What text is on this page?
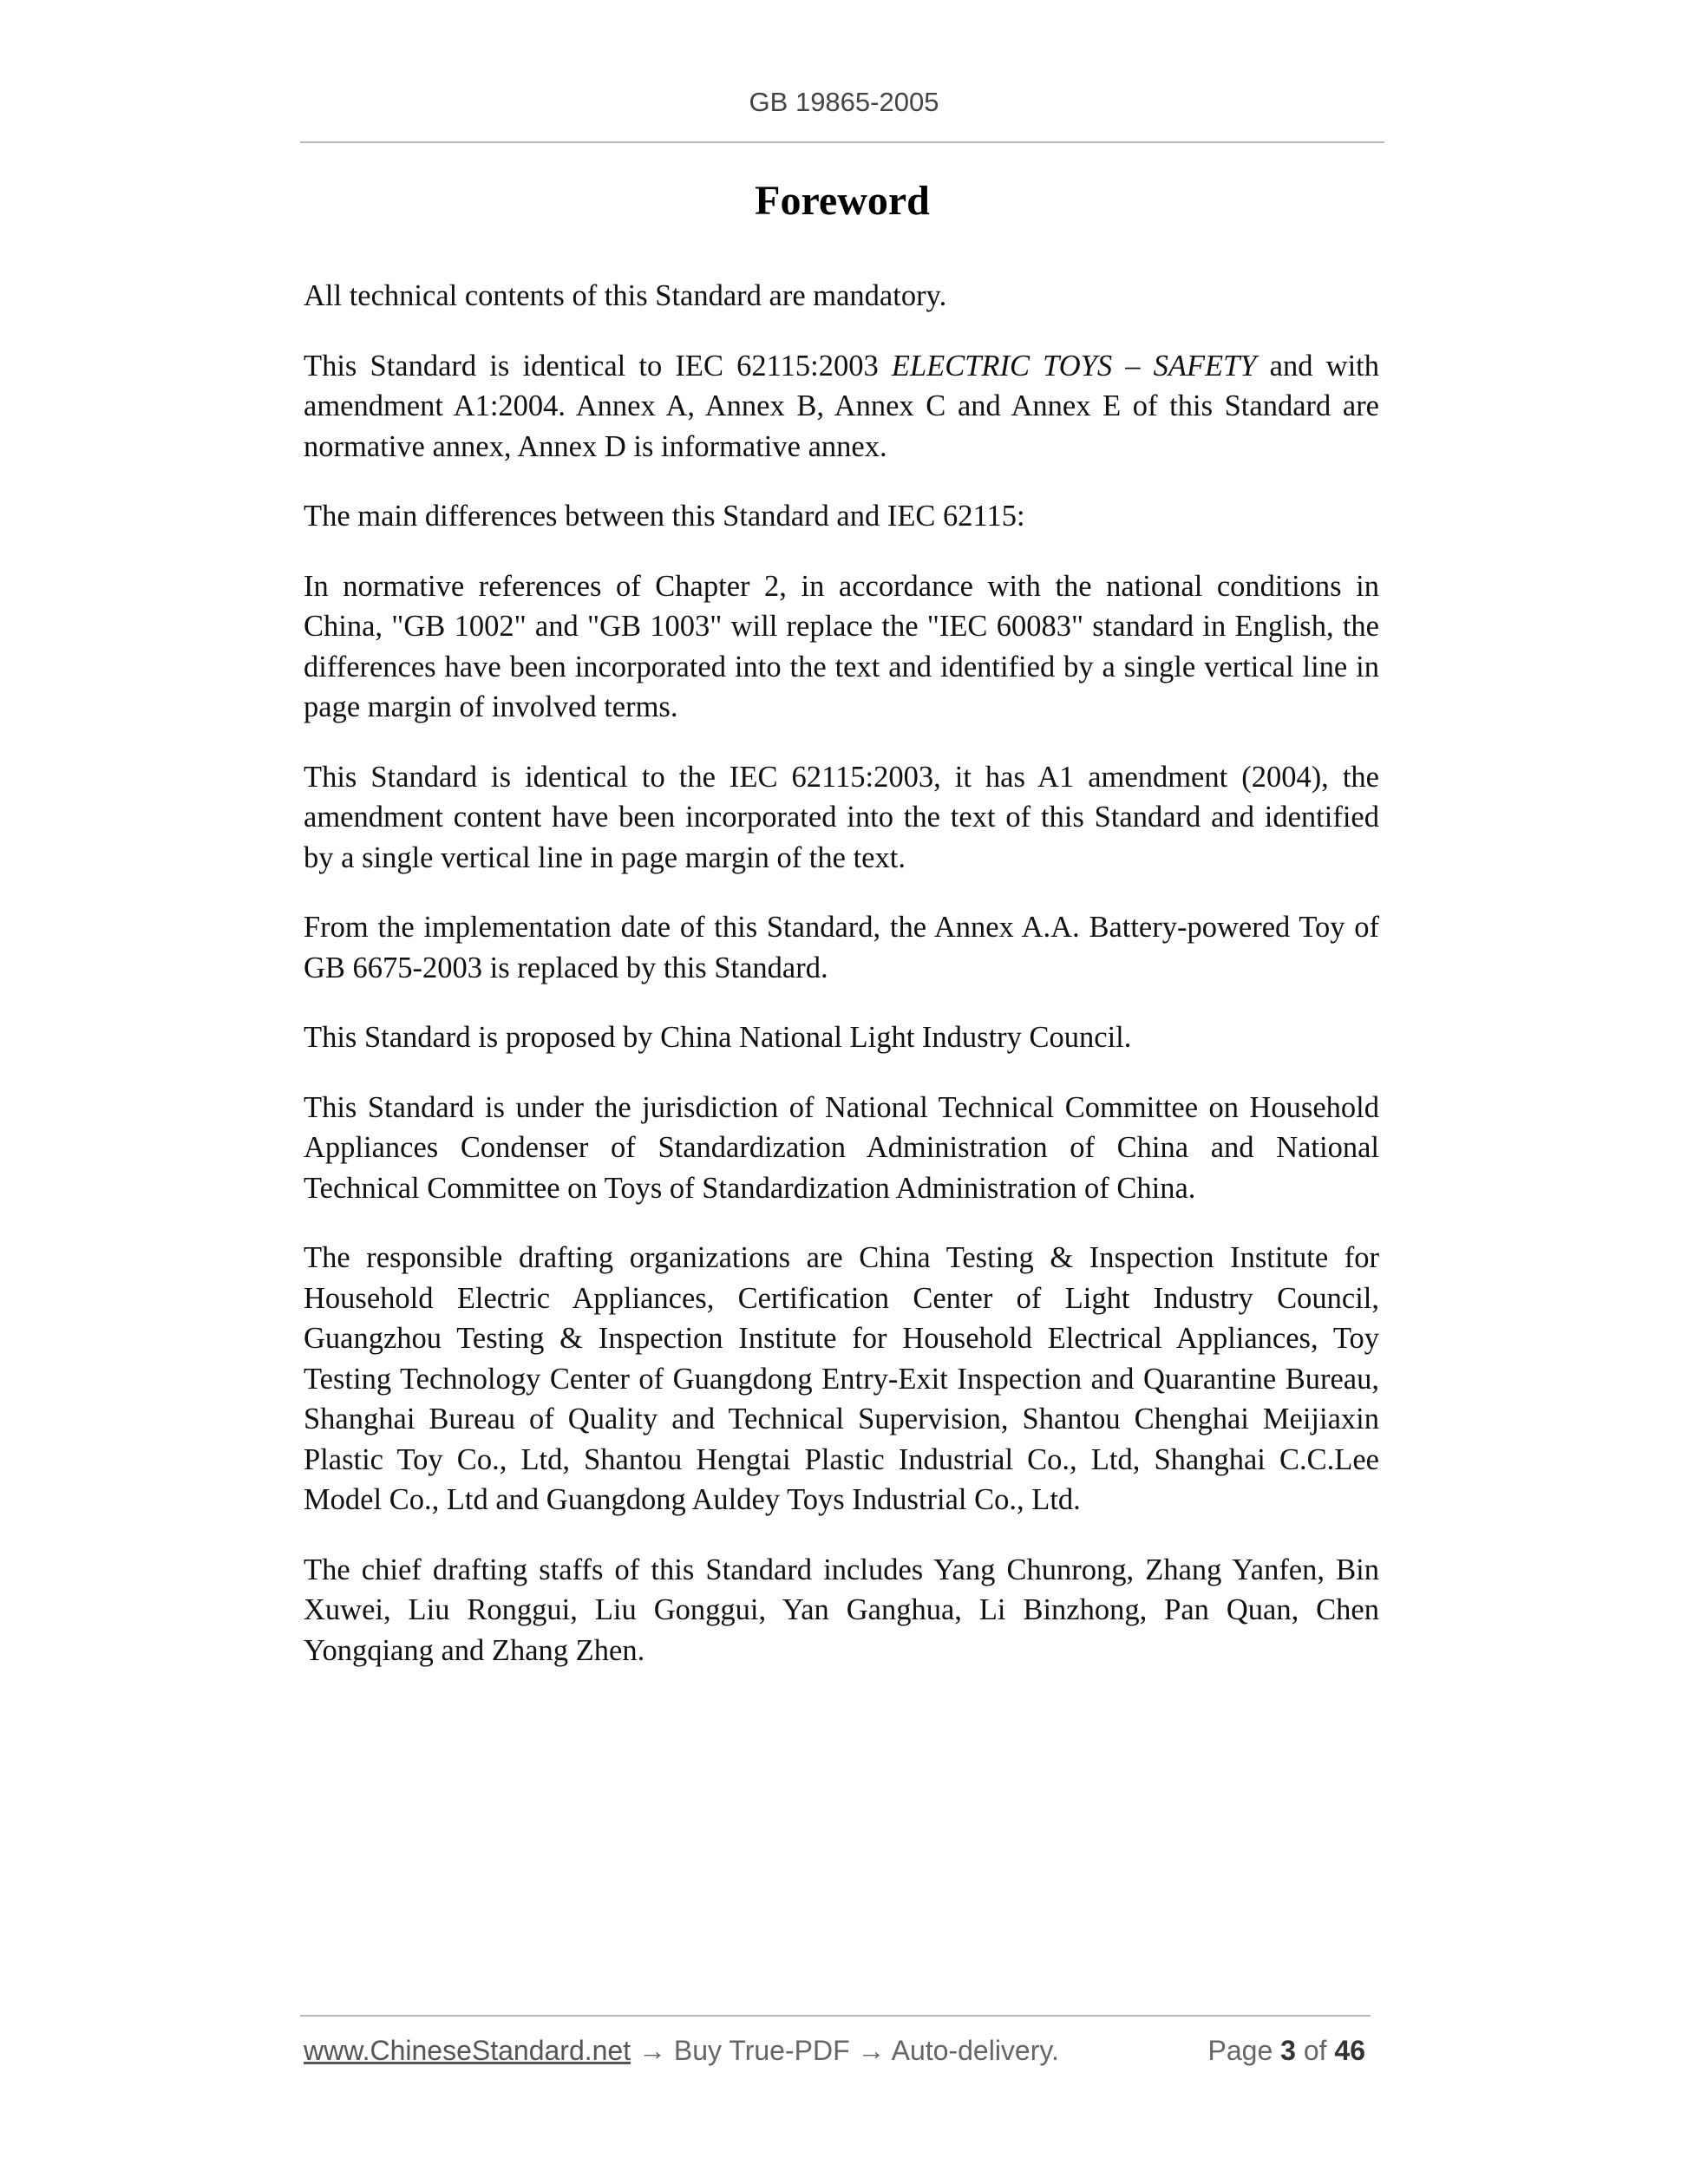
GB 19865-2005
Foreword

All technical contents of this Standard are mandatory.

This Standard is identical to IEC 62115:2003 ELECTRIC TOYS – SAFETY and with amendment A1:2004. Annex A, Annex B, Annex C and Annex E of this Standard are normative annex, Annex D is informative annex.

The main differences between this Standard and IEC 62115:

In normative references of Chapter 2, in accordance with the national conditions in China, "GB 1002" and "GB 1003" will replace the "IEC 60083" standard in English, the differences have been incorporated into the text and identified by a single vertical line in page margin of involved terms.

This Standard is identical to the IEC 62115:2003, it has A1 amendment (2004), the amendment content have been incorporated into the text of this Standard and identified by a single vertical line in page margin of the text.

From the implementation date of this Standard, the Annex A.A. Battery-powered Toy of GB 6675-2003 is replaced by this Standard.

This Standard is proposed by China National Light Industry Council.

This Standard is under the jurisdiction of National Technical Committee on Household Appliances Condenser of Standardization Administration of China and National Technical Committee on Toys of Standardization Administration of China.

The responsible drafting organizations are China Testing & Inspection Institute for Household Electric Appliances, Certification Center of Light Industry Council, Guangzhou Testing & Inspection Institute for Household Electrical Appliances, Toy Testing Technology Center of Guangdong Entry-Exit Inspection and Quarantine Bureau, Shanghai Bureau of Quality and Technical Supervision, Shantou Chenghai Meijiaxin Plastic Toy Co., Ltd, Shantou Hengtai Plastic Industrial Co., Ltd, Shanghai C.C.Lee Model Co., Ltd and Guangdong Auldey Toys Industrial Co., Ltd.

The chief drafting staffs of this Standard includes Yang Chunrong, Zhang Yanfen, Bin Xuwei, Liu Ronggui, Liu Gonggui, Yan Ganghua, Li Binzhong, Pan Quan, Chen Yongqiang and Zhang Zhen.

www.ChineseStandard.net → Buy True-PDF → Auto-delivery.	Page 3 of 46
